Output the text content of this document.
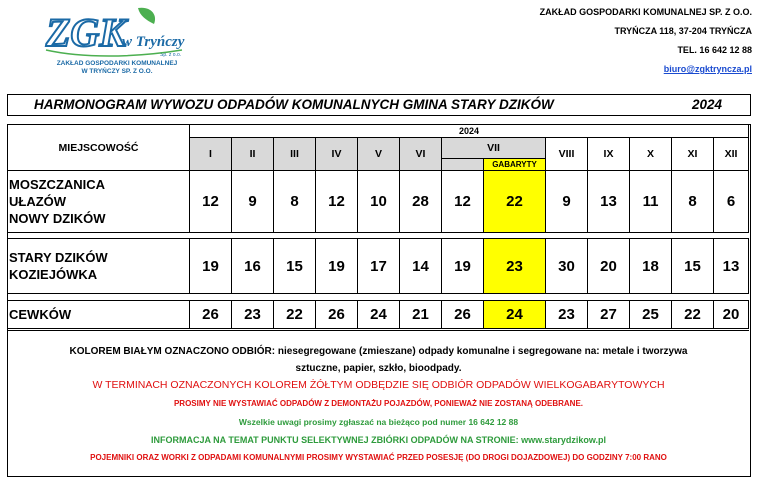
ZGK
w Tryńczy
Sp. z o.o.
ZAKŁAD GOSPODARKI KOMUNALNEJ
W TRYŃCZY SP. Z O.O.
ZAKŁAD GOSPODARKI KOMUNALNEJ SP. Z O.O.
TRYŃCZA 118, 37-204 TRYŃCZA
TEL. 16 642 12 88
biuro@zgktryncza.pl
HARMONOGRAM WYWOZU ODPADÓW KOMUNALNYCH GMINA STARY DZIKÓW	2024
KOLOREM BIAŁYM OZNACZONO ODBIÓR: niesegregowane (zmieszane) odpady komunalne i segregowane na: metale i tworzywa
sztuczne, papier, szkło, bioodpady.
W TERMINACH OZNACZONYCH KOLOREM ŻÓŁTYM ODBĘDZIE SIĘ ODBIÓR ODPADÓW WIELKOGABARYTOWYCH
PROSIMY NIE WYSTAWIAĆ ODPADÓW Z DEMONTAŻU POJAZDÓW, PONIEWAŻ NIE ZOSTANĄ ODEBRANE.
Wszelkie uwagi prosimy zgłaszać na bieżąco pod numer 16 642 12 88
INFORMACJA NA TEMAT PUNKTU SELEKTYWNEJ ZBIÓRKI ODPADÓW NA STRONIE: www.starydzikow.pl
POJEMNIKI ORAZ WORKI Z ODPADAMI KOMUNALNYMI PROSIMY WYSTAWIAĆ PRZED POSESJĘ (DO DROGI DOJAZDOWEJ) DO GODZINY 7:00 RANO
MIEJSCOWOŚĆ
2024
I	II	III	IV	V	VI	VII
GABARYTY
VIII	IX	X	XI	XII
MOSZCZANICA
UŁAZÓW
NOWY DZIKÓW
12	9	8	12	10	28	12	22	9	13	11	8	6
STARY DZIKÓW
KOZIEJÓWKA	19	16	15	19	17	14	19	23	30	20	18	15	13
CEWKÓW	26	23	22	26	24	21	26	24	23	27	25	22	20
